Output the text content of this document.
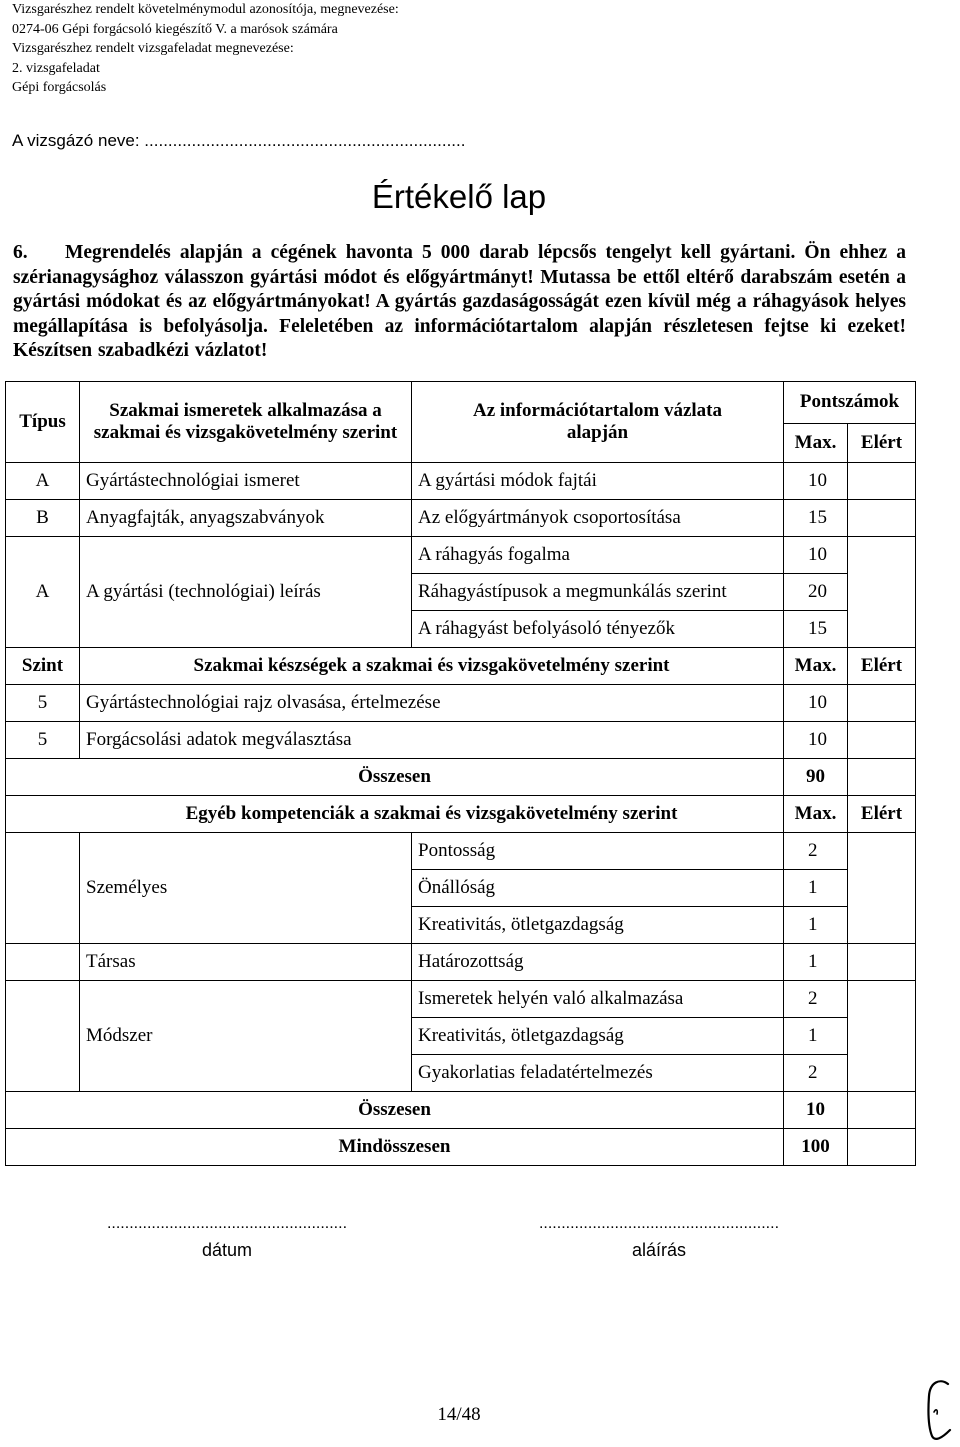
Vizsgarészhez rendelt követelménymodul azonosítója, megnevezése:
0274-06 Gépi forgácsoló kiegészítő V. a marósok számára
Vizsgarészhez rendelt vizsgafeladat megnevezése:
2. vizsgafeladat
Gépi forgácsolás
A vizsgázó neve: ....................................................................
Értékelő lap
6. Megrendelés alapján a cégének havonta 5 000 darab lépcsős tengelyt kell gyártani. Ön ehhez a szérianagysághoz válasszon gyártási módot és előgyártmányt! Mutassa be ettől eltérő darabszám esetén a gyártási módokat és az előgyártmányokat! A gyártás gazdaságosságát ezen kívül még a ráhagyások helyes megállapítása is befolyásolja. Feleletében az információtartalom alapján részletesen fejtse ki ezeket! Készítsen szabadkézi vázlatot!
Típus	Szakmai ismeretek alkalmazása a szakmai és vizsgakövetelmény szerint	Az információtartalom vázlata alapján	Pontszámok	
			Max.	Elért
A	Gyártástechnológiai ismeret	A gyártási módok fajtái	10	
B	Anyagfajták, anyagszabványok	Az előgyártmányok csoportosítása	15	
A	A gyártási (technológiai) leírás	A ráhagyás fogalma	10	
		Ráhagyástípusok a megmunkálás szerint	20	
		A ráhagyást befolyásoló tényezők	15	
Szint	Szakmai készségek a szakmai és vizsgakövetelmény szerint		Max.	Elért
5	Gyártástechnológiai rajz olvasása, értelmezése		10	
5	Forgácsolási adatok megválasztása		10	
Összesen			90	
Egyéb kompetenciák a szakmai és vizsgakövetelmény szerint			Max.	Elért
	Személyes	Pontosság	2	
		Önállóság	1	
		Kreativitás, ötletgazdagság	1	
	Társas	Határozottság	1	
	Módszer	Ismeretek helyén való alkalmazása	2	
		Kreativitás, ötletgazdagság	1	
		Gyakorlatias feladatértelmezés	2	
Összesen			10	
Mindösszesen			100	
......................................................
dátum
......................................................
aláírás
14/48
